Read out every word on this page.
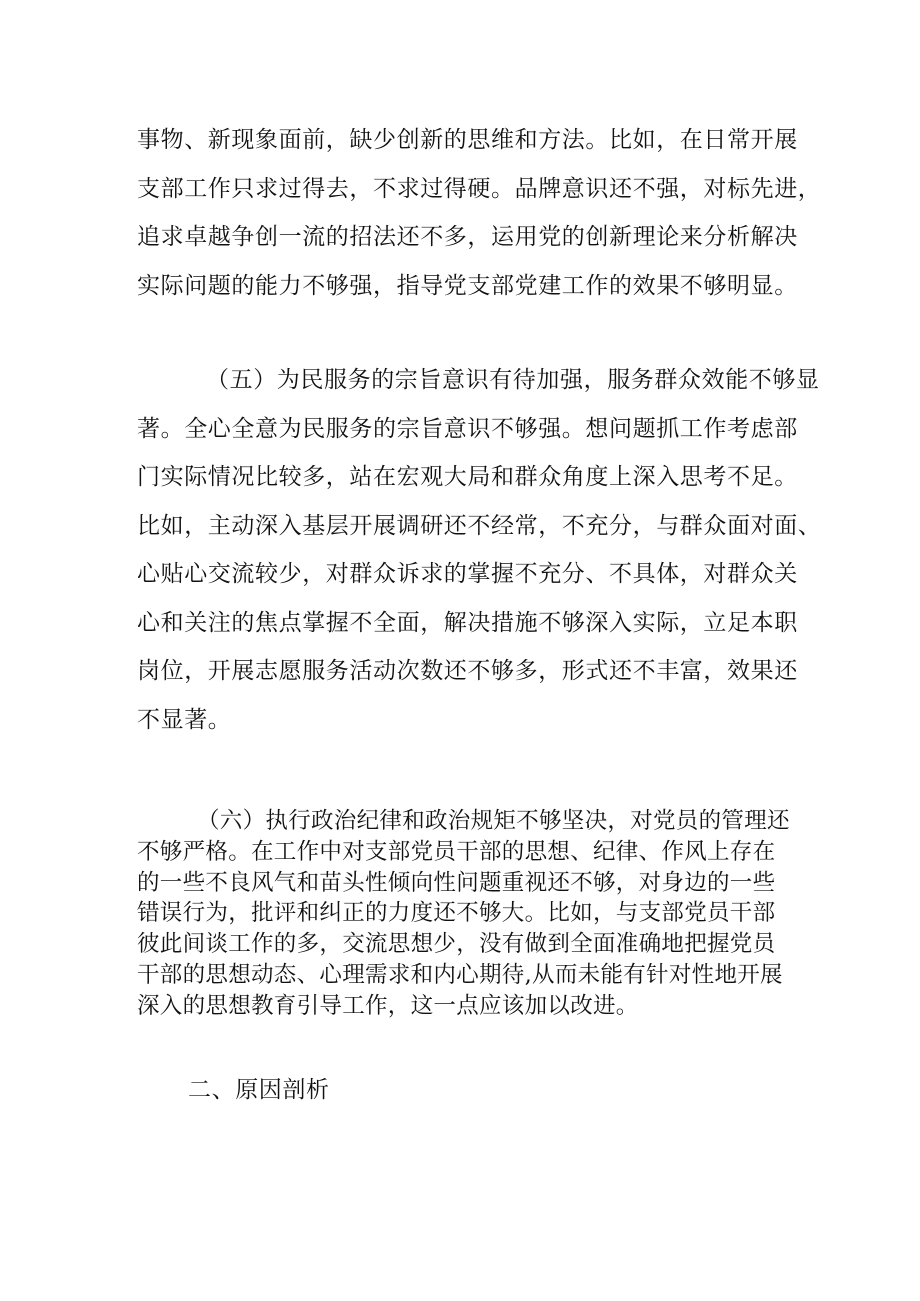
事物、新现象面前，缺少创新的思维和方法。比如，在日常开展
支部工作只求过得去，不求过得硬。品牌意识还不强，对标先进，
追求卓越争创一流的招法还不多，运用党的创新理论来分析解决
实际问题的能力不够强，指导党支部党建工作的效果不够明显。
（五）为民服务的宗旨意识有待加强，服务群众效能不够显
著。全心全意为民服务的宗旨意识不够强。想问题抓工作考虑部
门实际情况比较多，站在宏观大局和群众角度上深入思考不足。
比如，主动深入基层开展调研还不经常，不充分，与群众面对面、
心贴心交流较少，对群众诉求的掌握不充分、不具体，对群众关
心和关注的焦点掌握不全面，解决措施不够深入实际，立足本职
岗位，开展志愿服务活动次数还不够多，形式还不丰富，效果还
不显著。
（六）执行政治纪律和政治规矩不够坚决，对党员的管理还
不够严格。在工作中对支部党员干部的思想、纪律、作风上存在
的一些不良风气和苗头性倾向性问题重视还不够，对身边的一些
错误行为，批评和纠正的力度还不够大。比如，与支部党员干部
彼此间谈工作的多，交流思想少，没有做到全面准确地把握党员
干部的思想动态、心理需求和内心期待,从而未能有针对性地开展
深入的思想教育引导工作，这一点应该加以改进。
二、原因剖析
